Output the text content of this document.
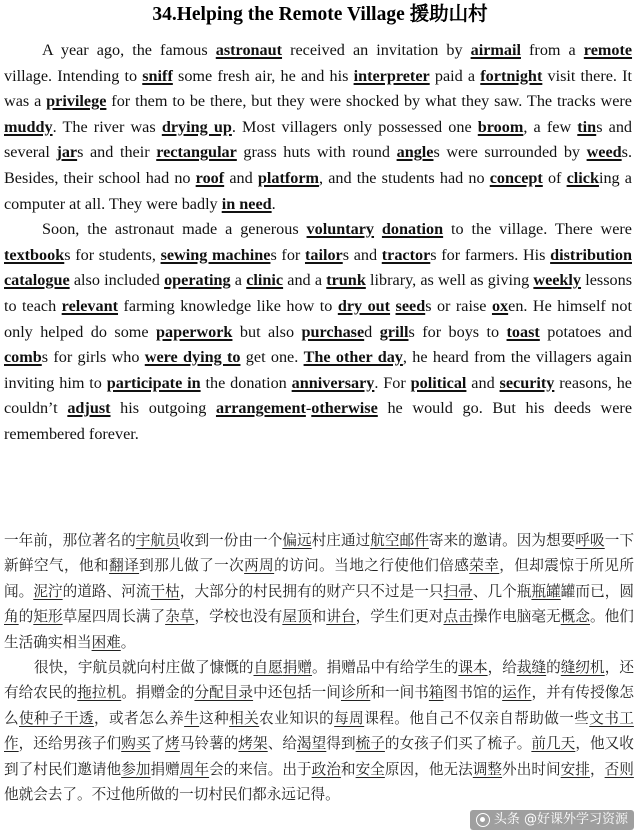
34.Helping the Remote Village 援助山村

A year ago, the famous astronaut received an invitation by airmail from a remote village. Intending to sniff some fresh air, he and his interpreter paid a fortnight visit there. It was a privilege for them to be there, but they were shocked by what they saw. The tracks were muddy. The river was drying up. Most villagers only possessed one broom, a few tins and several jars and their rectangular grass huts with round angles were surrounded by weeds. Besides, their school had no roof and platform, and the students had no concept of clicking a computer at all. They were badly in need.

Soon, the astronaut made a generous voluntary donation to the village. There were textbooks for students, sewing machines for tailors and tractors for farmers. His distribution catalogue also included operating a clinic and a trunk library, as well as giving weekly lessons to teach relevant farming knowledge like how to dry out seeds or raise oxen. He himself not only helped do some paperwork but also purchased grills for boys to toast potatoes and combs for girls who were dying to get one. The other day, he heard from the villagers again inviting him to participate in the donation anniversary. For political and security reasons, he couldn’t adjust his outgoing arrangement-otherwise he would go. But his deeds were remembered forever.

一年前，那位著名的宇航员收到一份由一个偏远村庄通过航空邮件寄来的邀请。因为想要呼吸一下新鲜空气，他和翻译到那儿做了一次两周的访问。当地之行使他们倍感荣幸，但却震惊于所见所闻。泥泞的道路、河流干枯，大部分的村民拥有的财产只不过是一只扫帚、几个瓶瓶罐罐而已，圆角的矩形草屋四周长满了杂草，学校也没有屋顶和讲台，学生们更对点击操作电脑毫无概念。他们生活确实相当困难。

很快，宇航员就向村庄做了慷慨的自愿捐赠。捐赠品中有给学生的课本，给裁缝的缝纫机，还有给农民的拖拉机。捐赠金的分配目录中还包括一间诊所和一间书箱图书馆的运作，并有传授像怎么使种子干透，或者怎么养牛这种相关农业知识的每周课程。他自己不仅亲自帮助做一些文书工作，还给男孩子们购买了烤马铃薯的烤架、给渴望得到梳子的女孩子们买了梳子。前几天，他又收到了村民们邀请他参加捐赠周年会的来信。出于政治和安全原因，他无法调整外出时间安排，否则他就会去了。不过他所做的一切村民们都永远记得。

头条 @好课外学习资源
